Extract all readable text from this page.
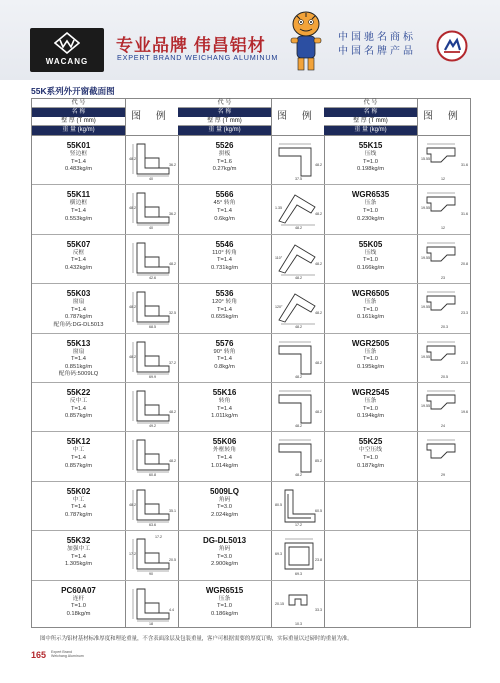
WACANG
专业品牌 伟昌铝材
EXPERT BRAND WEICHANG ALUMINUM
中国驰名商标
中国名牌产品
55K系列外开窗截面图
代 号
名 称
壁 厚 (T mm)
重 量 (kg/m)
图 例
代 号
名 称
壁 厚 (T mm)
重 量 (kg/m)
图 例
代 号
名 称
壁 厚 (T mm)
重 量 (kg/m)
图 例
55K01
竖边框
T=1.4
0.483kg/m
40
36.2
48.2
55K11
横边框
T=1.4
0.553kg/m
40
36.2
48.2
55K07
反框
T=1.4
0.432kg/m
42.6
48.2
55K03
窗扇
T=1.4
0.787kg/m
配角码:DG-DL5013	68.5
32.5
48.2
55K13
窗扇
T=1.4
0.851kg/m
配角码:5009LQ	69.9
37.2
48.2
55K22
反中工
T=1.4
0.857kg/m
49.2
48.2
55K12
中工
T=1.4
0.857kg/m
60.8
48.2
55K02
中工
T=1.4
0.787kg/m
63.6
35.1
48.2
55K32
加强中工
T=1.4
1.305kg/m
90
20.5
17.2
17.2
PC60A07
连杆
T=1.0
0.18kg/m
18
4.4
5526
拼板
T=1.6
0.27kg/m
37.5
48.2
5566
45° 转角
T=1.4
0.6kg/m
48.2
48.2
1.35
5546
110° 转角
T=1.4
0.731kg/m
48.2
48.2
110°
5536
120° 转角
T=1.4
0.655kg/m
48.2
48.2
120°
5576
90° 转角
T=1.4
0.8kg/m
48.2
48.2
55K16
转角
T=1.4
1.011kg/m
48.2
48.2
55K06
外框转角
T=1.4
1.014kg/m
48.2
85.2
5009LQ
角码
T=3.0
2.024kg/m
17.2
60.5
80.5
DG-DL5013
角码
T=3.0
2.900kg/m
69.3
23.8
69.3
WGR6515
压条
T=1.0
0.186kg/m
10.3
33.3
20.15
55K15
压线
T=1.0
0.198kg/m
12
31.6
15.55
WGR6535
压条
T=1.0
0.230kg/m
12
31.6
19.55
55K05
压线
T=1.0
0.166kg/m
23
20.8
19.55
WGR6505
压条
T=1.0
0.161kg/m
20.3
23.3
19.55
WGR2505
压条
T=1.0
0.195kg/m
20.5
23.3
19.55
WGR2545
压条
T=1.0
0.194kg/m
24
19.6
19.55
55K25
中空压线
T=1.0
0.187kg/m
29
图中所示为铝材基材标准厚度和理论重量，不含表面涂层及包装重量，客户可根据需要的厚度订购，实际重量以过磅时的重量为准。
165 Expert Brand
Weichang Aluminum
